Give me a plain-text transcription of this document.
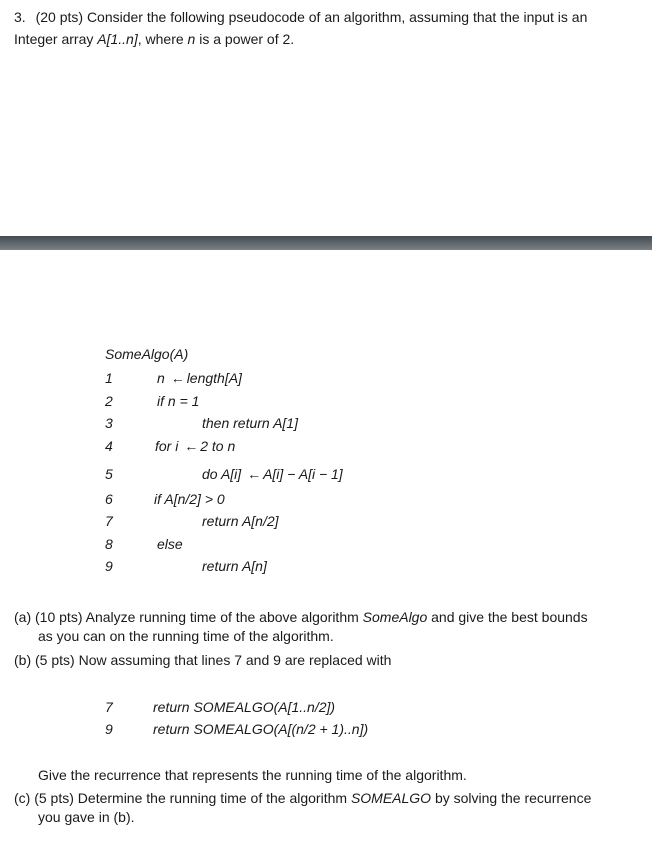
3. (20 pts) Consider the following pseudocode of an algorithm, assuming that the input is an
Integer array A[1..n], where n is a power of 2.
SomeAlgo(A)
1	n ← length[A]
2	if n = 1
3	then return A[1]
4	for i ← 2 to n
5	do A[i] ← A[i] − A[i − 1]
6	if A[n/2] > 0
7	return A[n/2]
8	else
9	return A[n]
(a) (10 pts) Analyze running time of the above algorithm SomeAlgo and give the best bounds
as you can on the running time of the algorithm.
(b) (5 pts) Now assuming that lines 7 and 9 are replaced with
7	return SOMEALGO(A[1..n/2])
9	return SOMEALGO(A[(n/2 + 1)..n])
Give the recurrence that represents the running time of the algorithm.
(c) (5 pts) Determine the running time of the algorithm SOMEALGO by solving the recurrence
you gave in (b).
